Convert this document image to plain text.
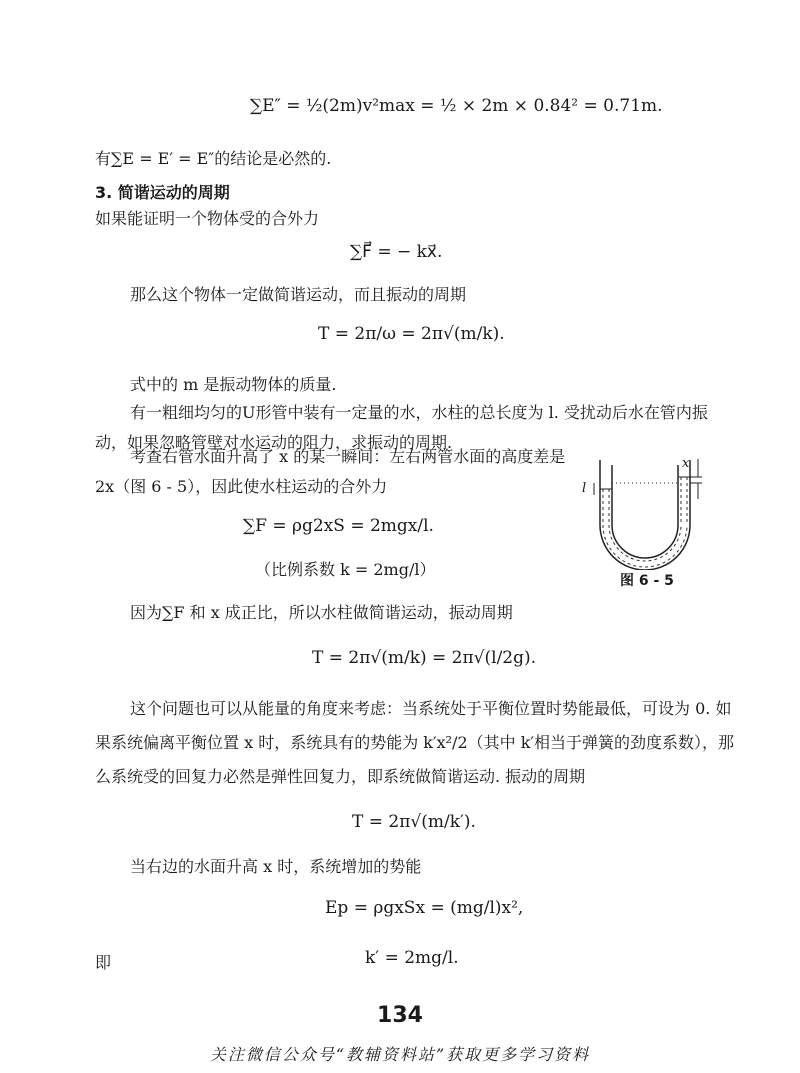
∑E″ = ½(2m)v²max = ½ × 2m × 0.84² = 0.71m.
有∑E = E′ = E″的结论是必然的.
3. 简谐运动的周期
如果能证明一个物体受的合外力
∑F⃗ = − kx⃗.
那么这个物体一定做简谐运动，而且振动的周期
T = 2π/ω = 2π√(m/k).
式中的 m 是振动物体的质量.
有一粗细均匀的U形管中装有一定量的水，水柱的总长度为 l. 受扰动后水在管内振动，如果忽略管壁对水运动的阻力，求振动的周期.
考查右管水面升高了 x 的某一瞬间：左右两管水面的高度差是 2x（图 6 - 5），因此使水柱运动的合外力
∑F = ρg2xS = 2mgx/l.
（比例系数 k = 2mg/l）
x
l
图 6 - 5
因为∑F 和 x 成正比，所以水柱做简谐运动，振动周期
T = 2π√(m/k) = 2π√(l/2g).
这个问题也可以从能量的角度来考虑：当系统处于平衡位置时势能最低，可设为 0. 如果系统偏离平衡位置 x 时，系统具有的势能为 k′x²/2（其中 k′相当于弹簧的劲度系数），那么系统受的回复力必然是弹性回复力，即系统做简谐运动. 振动的周期
T = 2π√(m/k′).
当右边的水面升高 x 时，系统增加的势能
Ep = ρgxSx = (mg/l)x²,
即	k′ = 2mg/l.
134
关注微信公众号“教辅资料站”获取更多学习资料
